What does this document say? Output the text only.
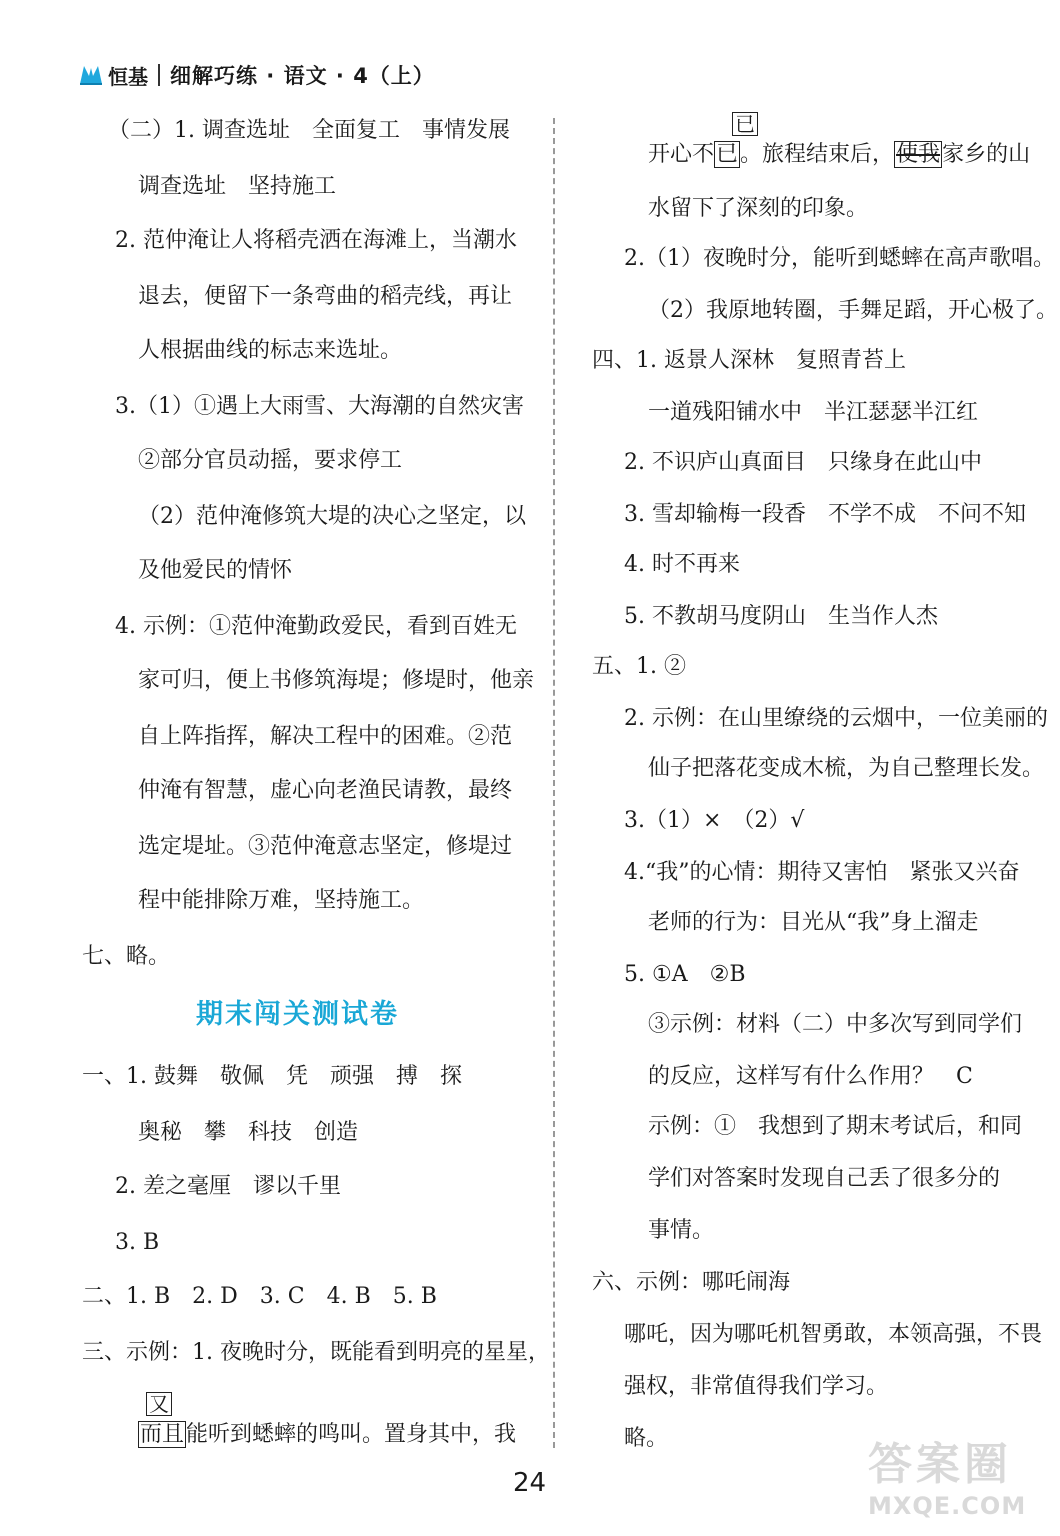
恒基 细解巧练 · 语文 · 4（上）
（二）1. 调查选址　全面复工　事情发展
调查选址　坚持施工
2. 范仲淹让人将稻壳洒在海滩上，当潮水
退去，便留下一条弯曲的稻壳线，再让
人根据曲线的标志来选址。
3.（1）①遇上大雨雪、大海潮的自然灾害
②部分官员动摇，要求停工
（2）范仲淹修筑大堤的决心之坚定，以
及他爱民的情怀
4. 示例：①范仲淹勤政爱民，看到百姓无
家可归，便上书修筑海堤；修堤时，他亲
自上阵指挥，解决工程中的困难。②范
仲淹有智慧，虚心向老渔民请教，最终
选定堤址。③范仲淹意志坚定，修堤过
程中能排除万难，坚持施工。
七、略。
期末闯关测试卷
一、1. 鼓舞　敬佩　凭　顽强　搏　探
奥秘　攀　科技　创造
2. 差之毫厘　谬以千里
3. B
二、1. B　2. D　3. C　4. B　5. B
三、示例：1. 夜晚时分，既能看到明亮的星星，
而且
又
能听到蟋蟀的鸣叫。置身其中，我
开心不已
已
。旅程结束后，使我家乡的山
水留下了深刻的印象。
2.（1）夜晚时分，能听到蟋蟀在高声歌唱。
（2）我原地转圈，手舞足蹈，开心极了。
四、1. 返景人深林　复照青苔上
一道残阳铺水中　半江瑟瑟半江红
2. 不识庐山真面目　只缘身在此山中
3. 雪却输梅一段香　不学不成　不问不知
4. 时不再来
5. 不教胡马度阴山　生当作人杰
五、1. ②
2. 示例：在山里缭绕的云烟中，一位美丽的
仙子把落花变成木梳，为自己整理长发。
3.（1）×　（2）√
4.“我”的心情：期待又害怕　紧张又兴奋
老师的行为：目光从“我”身上溜走
5. ①A　②B
③示例：材料（二）中多次写到同学们
的反应，这样写有什么作用？　C
示例：①　我想到了期末考试后，和同
学们对答案时发现自己丢了很多分的
事情。
六、示例：哪吒闹海
哪吒，因为哪吒机智勇敢，本领高强，不畏
强权，非常值得我们学习。
略。
24	答案圈
MXQE.COM
